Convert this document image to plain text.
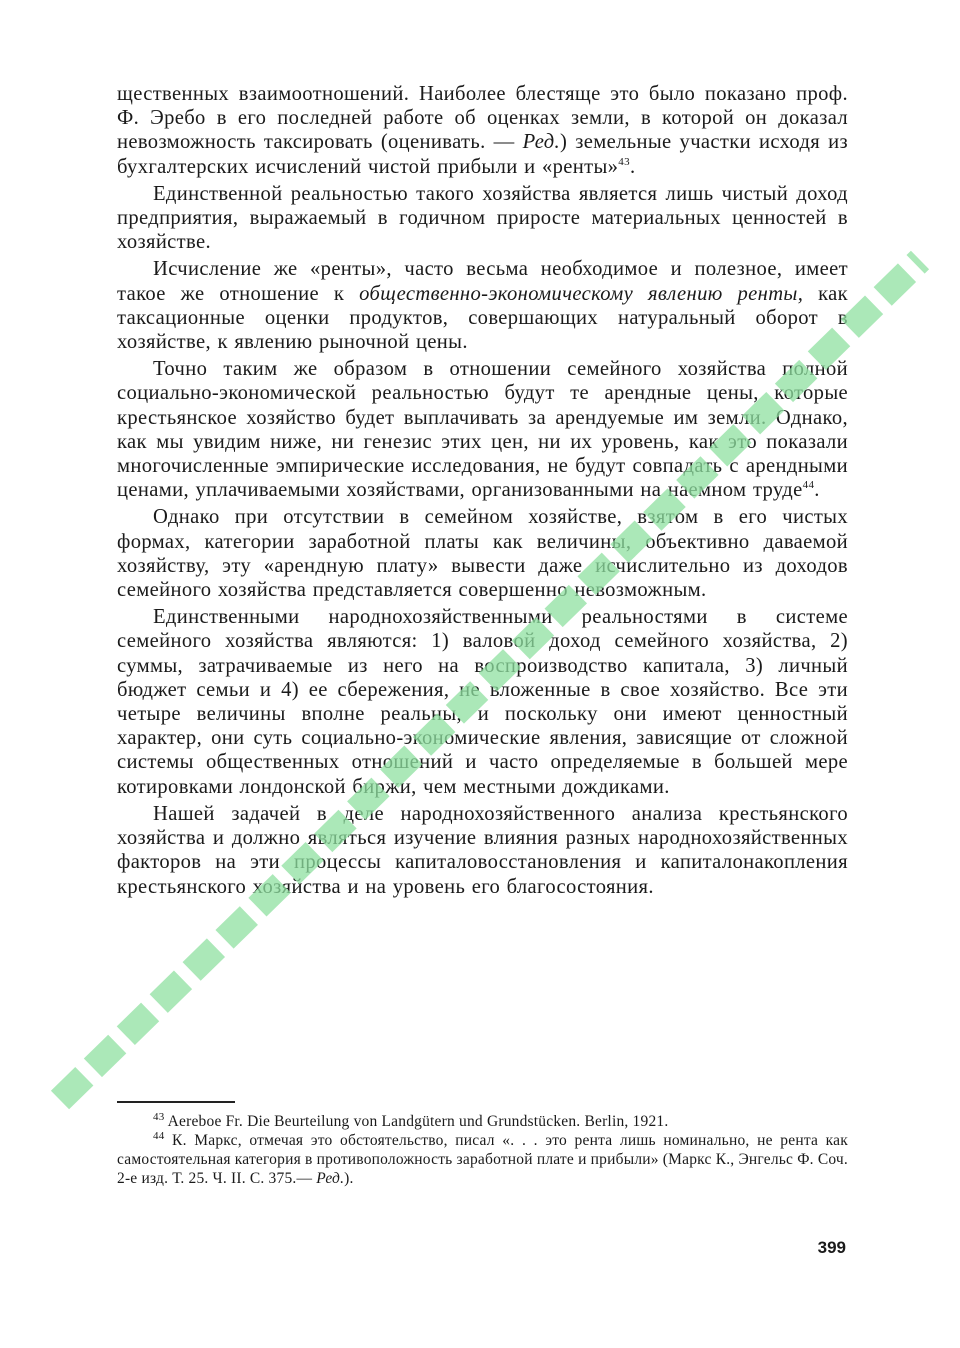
щественных взаимоотношений. Наиболее блестяще это было показано проф. Ф. Эребо в его последней работе об оценках земли, в которой он доказал невозможность таксировать (оценивать. — Ред.) земельные участки исходя из бухгалтерских исчислений чистой прибыли и «ренты»$^{43}$.

Единственной реальностью такого хозяйства является лишь чистый доход предприятия, выражаемый в годичном приросте материальных ценностей в хозяйстве.

Исчисление же «ренты», часто весьма необходимое и полезное, имеет такое же отношение к общественно-экономическому явлению ренты, как таксационные оценки продуктов, совершающих натуральный оборот в хозяйстве, к явлению рыночной цены.

Точно таким же образом в отношении семейного хозяйства полной социально-экономической реальностью будут те арендные цены, которые крестьянское хозяйство будет выплачивать за арендуемые им земли. Однако, как мы увидим ниже, ни генезис этих цен, ни их уровень, как это показали многочисленные эмпирические исследования, не будут совпадать с арендными ценами, уплачиваемыми хозяйствами, организованными на наемном труде$^{44}$.

Однако при отсутствии в семейном хозяйстве, взятом в его чистых формах, категории заработной платы как величины, объективно даваемой хозяйству, эту «арендную плату» вывести даже исчислительно из доходов семейного хозяйства представляется совершенно невозможным.

Единственными народнохозяйственными реальностями в системе семейного хозяйства являются: 1) валовой доход семейного хозяйства, 2) суммы, затрачиваемые из него на воспроизводство капитала, 3) личный бюджет семьи и 4) ее сбережения, не вложенные в свое хозяйство. Все эти четыре величины вполне реальны, и поскольку они имеют ценностный характер, они суть социально-экономические явления, зависящие от сложной системы общественных отношений и часто определяемые в большей мере котировками лондонской биржи, чем местными дождиками.

Нашей задачей в деле народнохозяйственного анализа крестьянского хозяйства и должно являться изучение влияния разных народнохозяйственных факторов на эти процессы капиталовосстановления и капиталонакопления крестьянского хозяйства и на уровень его благосостояния.

$^{43}$ Aereboe Fr. Die Beurteilung von Landgütern und Grundstücken. Berlin, 1921.

$^{44}$ К. Маркс, отмечая это обстоятельство, писал «. . . это рента лишь номинально, не рента как самостоятельная категория в противоположность заработной плате и прибыли» (Маркс К., Энгельс Ф. Соч. 2-е изд. Т. 25. Ч. II. С. 375.— Ред.).

399
